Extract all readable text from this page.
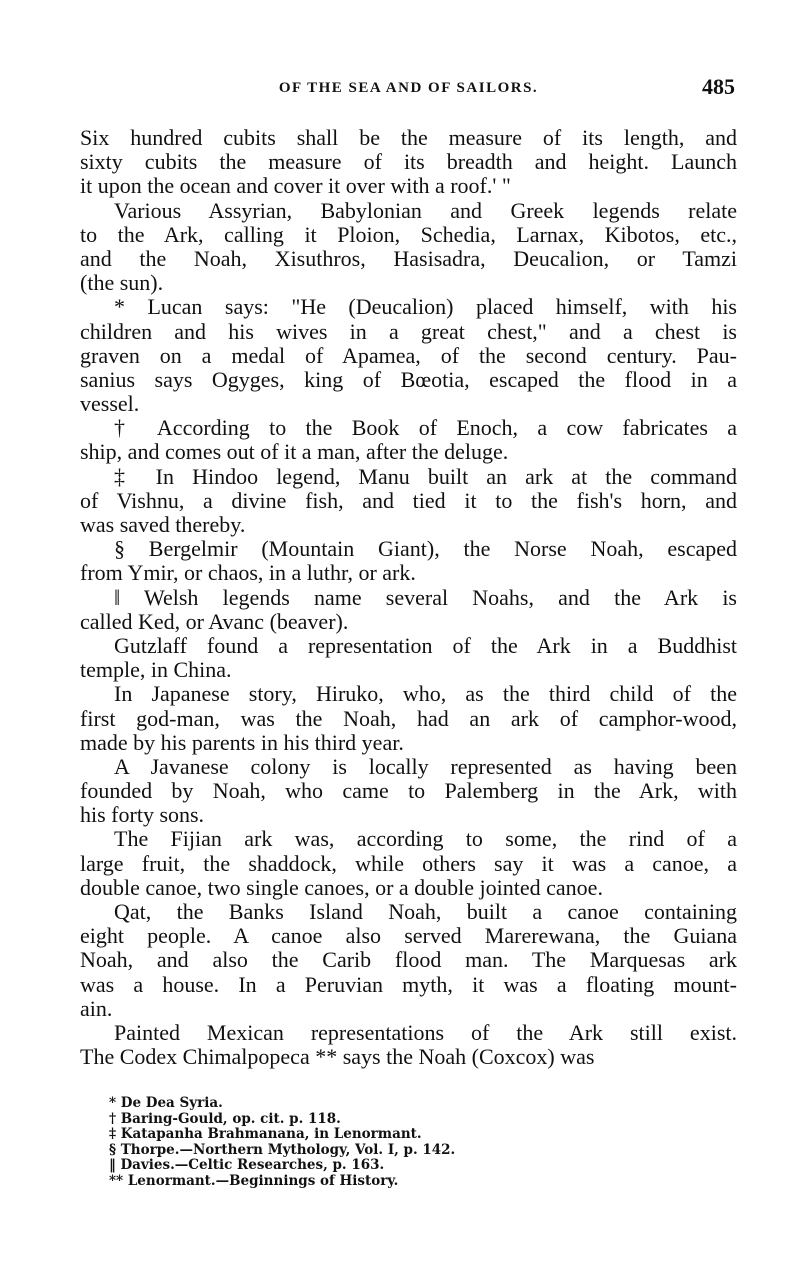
OF THE SEA AND OF SAILORS.	485
Six hundred cubits shall be the measure of its length, and
sixty cubits the measure of its breadth and height. Launch
it upon the ocean and cover it over with a roof.' "
Various Assyrian, Babylonian and Greek legends relate
to the Ark, calling it Ploion, Schedia, Larnax, Kibotos, etc.,
and the Noah, Xisuthros, Hasisadra, Deucalion, or Tamzi
(the sun).
* Lucan says: "He (Deucalion) placed himself, with his
children and his wives in a great chest," and a chest is
graven on a medal of Apamea, of the second century. Pau-
sanius says Ogyges, king of Bœotia, escaped the flood in a
vessel.
† According to the Book of Enoch, a cow fabricates a
ship, and comes out of it a man, after the deluge.
‡ In Hindoo legend, Manu built an ark at the command
of Vishnu, a divine fish, and tied it to the fish's horn, and
was saved thereby.
§ Bergelmir (Mountain Giant), the Norse Noah, escaped
from Ymir, or chaos, in a luthr, or ark.
‖ Welsh legends name several Noahs, and the Ark is
called Ked, or Avanc (beaver).
Gutzlaff found a representation of the Ark in a Buddhist
temple, in China.
In Japanese story, Hiruko, who, as the third child of the
first god-man, was the Noah, had an ark of camphor-wood,
made by his parents in his third year.
A Javanese colony is locally represented as having been
founded by Noah, who came to Palemberg in the Ark, with
his forty sons.
The Fijian ark was, according to some, the rind of a
large fruit, the shaddock, while others say it was a canoe, a
double canoe, two single canoes, or a double jointed canoe.
Qat, the Banks Island Noah, built a canoe containing
eight people. A canoe also served Marerewana, the Guiana
Noah, and also the Carib flood man. The Marquesas ark
was a house. In a Peruvian myth, it was a floating mount-
ain.
Painted Mexican representations of the Ark still exist.
The Codex Chimalpopeca ** says the Noah (Coxcox) was
* De Dea Syria.
† Baring-Gould, op. cit. p. 118.
‡ Katapanha Brahmanana, in Lenormant.
§ Thorpe.—Northern Mythology, Vol. I, p. 142.
‖ Davies.—Celtic Researches, p. 163.
** Lenormant.—Beginnings of History.
